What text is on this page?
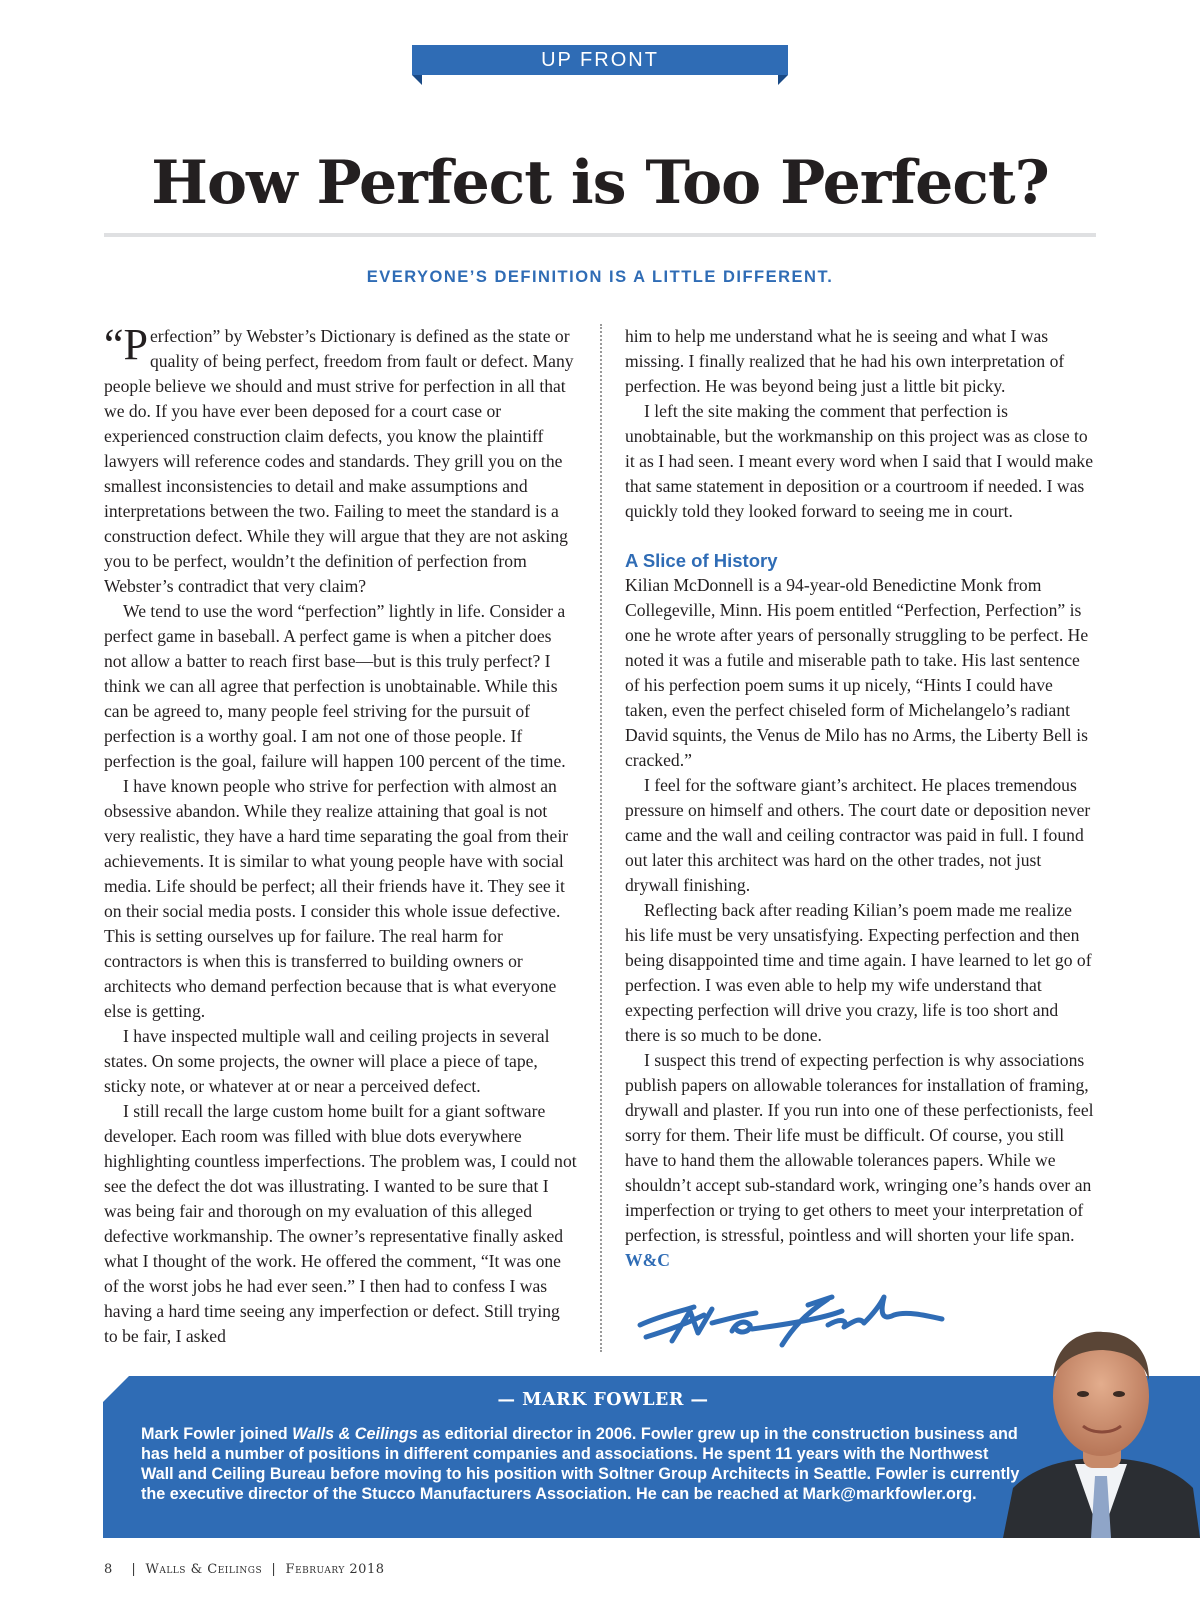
UP FRONT
How Perfect is Too Perfect?
EVERYONE’S DEFINITION IS A LITTLE DIFFERENT.

“Perfection” by Webster’s Dictionary is defined as the state or quality of being perfect, freedom from fault or defect. Many people believe we should and must strive for perfection in all that we do. If you have ever been deposed for a court case or experienced construction claim defects, you know the plaintiff lawyers will reference codes and standards. They grill you on the smallest inconsistencies to detail and make assumptions and interpretations between the two. Failing to meet the standard is a construction defect. While they will argue that they are not asking you to be perfect, wouldn’t the definition of perfection from Webster’s contradict that very claim?

We tend to use the word “perfection” lightly in life. Consider a perfect game in baseball. A perfect game is when a pitcher does not allow a batter to reach first base—but is this truly perfect? I think we can all agree that perfection is unobtainable. While this can be agreed to, many people feel striving for the pursuit of perfection is a worthy goal. I am not one of those people. If perfection is the goal, failure will happen 100 percent of the time.

I have known people who strive for perfection with almost an obsessive abandon. While they realize attaining that goal is not very realistic, they have a hard time separating the goal from their achievements. It is similar to what young people have with social media. Life should be perfect; all their friends have it. They see it on their social media posts. I consider this whole issue defective. This is setting ourselves up for failure. The real harm for contractors is when this is transferred to building owners or architects who demand perfection because that is what everyone else is getting.

I have inspected multiple wall and ceiling projects in several states. On some projects, the owner will place a piece of tape, sticky note, or whatever at or near a perceived defect.

I still recall the large custom home built for a giant software developer. Each room was filled with blue dots everywhere highlighting countless imperfections. The problem was, I could not see the defect the dot was illustrating. I wanted to be sure that I was being fair and thorough on my evaluation of this alleged defective workmanship. The owner’s representative finally asked what I thought of the work. He offered the comment, “It was one of the worst jobs he had ever seen.” I then had to confess I was having a hard time seeing any imperfection or defect. Still trying to be fair, I asked

him to help me understand what he is seeing and what I was missing. I finally realized that he had his own interpretation of perfection. He was beyond being just a little bit picky.

I left the site making the comment that perfection is unobtainable, but the workmanship on this project was as close to it as I had seen. I meant every word when I said that I would make that same statement in deposition or a courtroom if needed. I was quickly told they looked forward to seeing me in court.

A Slice of History

Kilian McDonnell is a 94-year-old Benedictine Monk from Collegeville, Minn. His poem entitled “Perfection, Perfection” is one he wrote after years of personally struggling to be perfect. He noted it was a futile and miserable path to take. His last sentence of his perfection poem sums it up nicely, “Hints I could have taken, even the perfect chiseled form of Michelangelo’s radiant David squints, the Venus de Milo has no Arms, the Liberty Bell is cracked.”

I feel for the software giant’s architect. He places tremendous pressure on himself and others. The court date or deposition never came and the wall and ceiling contractor was paid in full. I found out later this architect was hard on the other trades, not just drywall finishing.

Reflecting back after reading Kilian’s poem made me realize his life must be very unsatisfying. Expecting perfection and then being disappointed time and time again. I have learned to let go of perfection. I was even able to help my wife understand that expecting perfection will drive you crazy, life is too short and there is so much to be done.

I suspect this trend of expecting perfection is why associations publish papers on allowable tolerances for installation of framing, drywall and plaster. If you run into one of these perfectionists, feel sorry for them. Their life must be difficult. Of course, you still have to hand them the allowable tolerances papers. While we shouldn’t accept sub-standard work, wringing one’s hands over an imperfection or trying to get others to meet your interpretation of perfection, is stressful, pointless and will shorten your life span. W&C

— MARK FOWLER —
Mark Fowler joined Walls & Ceilings as editorial director in 2006. Fowler grew up in the construction business and has held a number of positions in different companies and associations. He spent 11 years with the Northwest Wall and Ceiling Bureau before moving to his position with Soltner Group Architects in Seattle. Fowler is currently the executive director of the Stucco Manufacturers Association. He can be reached at Mark@markfowler.org.
8 | Walls & Ceilings | February 2018
